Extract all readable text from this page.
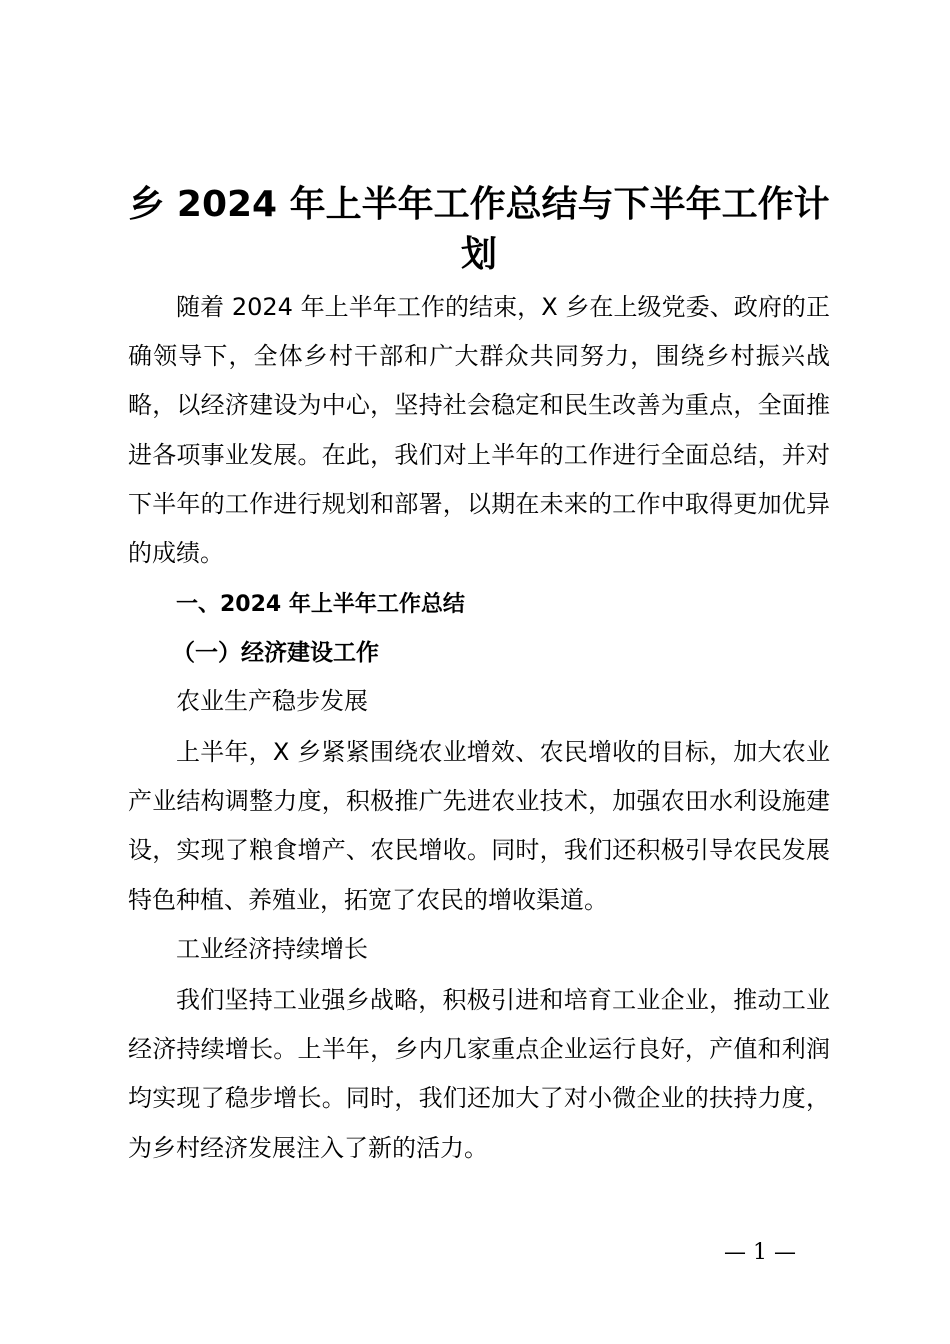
乡 2024 年上半年工作总结与下半年工作计划

随着 2024 年上半年工作的结束，X 乡在上级党委、政府的正确领导下，全体乡村干部和广大群众共同努力，围绕乡村振兴战略，以经济建设为中心，坚持社会稳定和民生改善为重点，全面推进各项事业发展。在此，我们对上半年的工作进行全面总结，并对下半年的工作进行规划和部署，以期在未来的工作中取得更加优异的成绩。

一、2024 年上半年工作总结

（一）经济建设工作

农业生产稳步发展

上半年，X 乡紧紧围绕农业增效、农民增收的目标，加大农业产业结构调整力度，积极推广先进农业技术，加强农田水利设施建设，实现了粮食增产、农民增收。同时，我们还积极引导农民发展特色种植、养殖业，拓宽了农民的增收渠道。

工业经济持续增长

我们坚持工业强乡战略，积极引进和培育工业企业，推动工业经济持续增长。上半年，乡内几家重点企业运行良好，产值和利润均实现了稳步增长。同时，我们还加大了对小微企业的扶持力度，为乡村经济发展注入了新的活力。

— 1 —
